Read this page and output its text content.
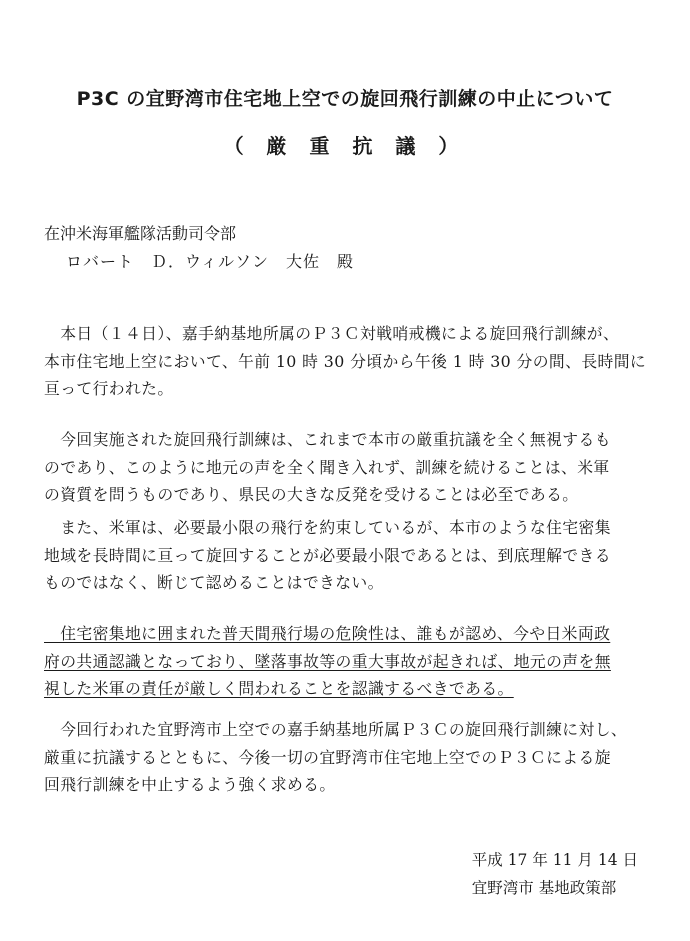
P3C の宜野湾市住宅地上空での旋回飛行訓練の中止について
（ 厳 重 抗 議 ）
在沖米海軍艦隊活動司令部
ロバート　Ｄ．ウィルソン　大佐　殿
　本日（１４日）、嘉手納基地所属のＰ３Ｃ対戦哨戒機による旋回飛行訓練が、
本市住宅地上空において、午前 10 時 30 分頃から午後 1 時 30 分の間、長時間に
亘って行われた。
　今回実施された旋回飛行訓練は、これまで本市の厳重抗議を全く無視するも
のであり、このように地元の声を全く聞き入れず、訓練を続けることは、米軍
の資質を問うものであり、県民の大きな反発を受けることは必至である。
　また、米軍は、必要最小限の飛行を約束しているが、本市のような住宅密集
地域を長時間に亘って旋回することが必要最小限であるとは、到底理解できる
ものではなく、断じて認めることはできない。
　住宅密集地に囲まれた普天間飛行場の危険性は、誰もが認め、今や日米両政
府の共通認識となっており、墜落事故等の重大事故が起きれば、地元の声を無
視した米軍の責任が厳しく問われることを認識するべきである。
　今回行われた宜野湾市上空での嘉手納基地所属Ｐ３Ｃの旋回飛行訓練に対し、
厳重に抗議するとともに、今後一切の宜野湾市住宅地上空でのＰ３Ｃによる旋
回飛行訓練を中止するよう強く求める。
平成 17 年 11 月 14 日
宜野湾市 基地政策部
